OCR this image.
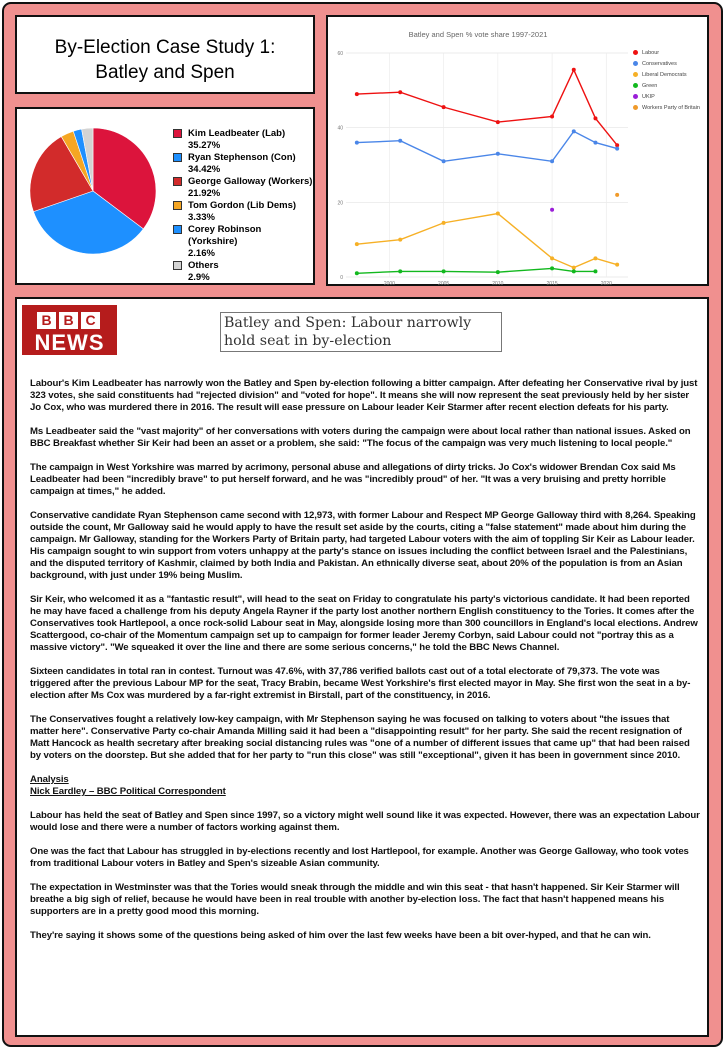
By-Election Case Study 1:
Batley and Spen
Kim Leadbeater (Lab)
35.27%
Ryan Stephenson (Con)
34.42%
George Galloway (Workers)
21.92%
Tom Gordon (Lib Dems)
3.33%
Corey Robinson (Yorkshire)
2.16%
Others
2.9%
Batley and Spen % vote share 1997-2021
0
20
40
60
2000	2005	2010	2015	2020
Labour
Conservatives
Liberal Democrats
Green
UKIP
Workers Party of Britain
B B C
NEWS
Batley and Spen: Labour narrowly hold seat in by-election

Labour's Kim Leadbeater has narrowly won the Batley and Spen by-election following a bitter campaign. After defeating her Conservative rival by just 323 votes, she said constituents had "rejected division" and "voted for hope". It means she will now represent the seat previously held by her sister Jo Cox, who was murdered there in 2016. The result will ease pressure on Labour leader Keir Starmer after recent election defeats for his party.

Ms Leadbeater said the "vast majority" of her conversations with voters during the campaign were about local rather than national issues. Asked on BBC Breakfast whether Sir Keir had been an asset or a problem, she said: "The focus of the campaign was very much listening to local people."

The campaign in West Yorkshire was marred by acrimony, personal abuse and allegations of dirty tricks. Jo Cox's widower Brendan Cox said Ms Leadbeater had been "incredibly brave" to put herself forward, and he was "incredibly proud" of her. "It was a very bruising and pretty horrible campaign at times," he added.

Conservative candidate Ryan Stephenson came second with 12,973, with former Labour and Respect MP George Galloway third with 8,264. Speaking outside the count, Mr Galloway said he would apply to have the result set aside by the courts, citing a "false statement" made about him during the campaign. Mr Galloway, standing for the Workers Party of Britain party, had targeted Labour voters with the aim of toppling Sir Keir as Labour leader. His campaign sought to win support from voters unhappy at the party's stance on issues including the conflict between Israel and the Palestinians, and the disputed territory of Kashmir, claimed by both India and Pakistan. An ethnically diverse seat, about 20% of the population is from an Asian background, with just under 19% being Muslim.

Sir Keir, who welcomed it as a "fantastic result", will head to the seat on Friday to congratulate his party's victorious candidate. It had been reported he may have faced a challenge from his deputy Angela Rayner if the party lost another northern English constituency to the Tories. It comes after the Conservatives took Hartlepool, a once rock-solid Labour seat in May, alongside losing more than 300 councillors in England's local elections. Andrew Scattergood, co-chair of the Momentum campaign set up to campaign for former leader Jeremy Corbyn, said Labour could not "portray this as a massive victory". "We squeaked it over the line and there are some serious concerns," he told the BBC News Channel.

Sixteen candidates in total ran in contest. Turnout was 47.6%, with 37,786 verified ballots cast out of a total electorate of 79,373. The vote was triggered after the previous Labour MP for the seat, Tracy Brabin, became West Yorkshire's first elected mayor in May. She first won the seat in a by-election after Ms Cox was murdered by a far-right extremist in Birstall, part of the constituency, in 2016.

The Conservatives fought a relatively low-key campaign, with Mr Stephenson saying he was focused on talking to voters about "the issues that matter here". Conservative Party co-chair Amanda Milling said it had been a "disappointing result" for her party. She said the recent resignation of Matt Hancock as health secretary after breaking social distancing rules was "one of a number of different issues that came up" that had been raised by voters on the doorstep. But she added that for her party to "run this close" was still "exceptional", given it has been in government since 2010.

Analysis

Nick Eardley – BBC Political Correspondent

Labour has held the seat of Batley and Spen since 1997, so a victory might well sound like it was expected. However, there was an expectation Labour would lose and there were a number of factors working against them.

One was the fact that Labour has struggled in by-elections recently and lost Hartlepool, for example. Another was George Galloway, who took votes from traditional Labour voters in Batley and Spen's sizeable Asian community.

The expectation in Westminster was that the Tories would sneak through the middle and win this seat - that hasn't happened. Sir Keir Starmer will breathe a big sigh of relief, because he would have been in real trouble with another by-election loss. The fact that hasn't happened means his supporters are in a pretty good mood this morning.

They're saying it shows some of the questions being asked of him over the last few weeks have been a bit over-hyped, and that he can win.
